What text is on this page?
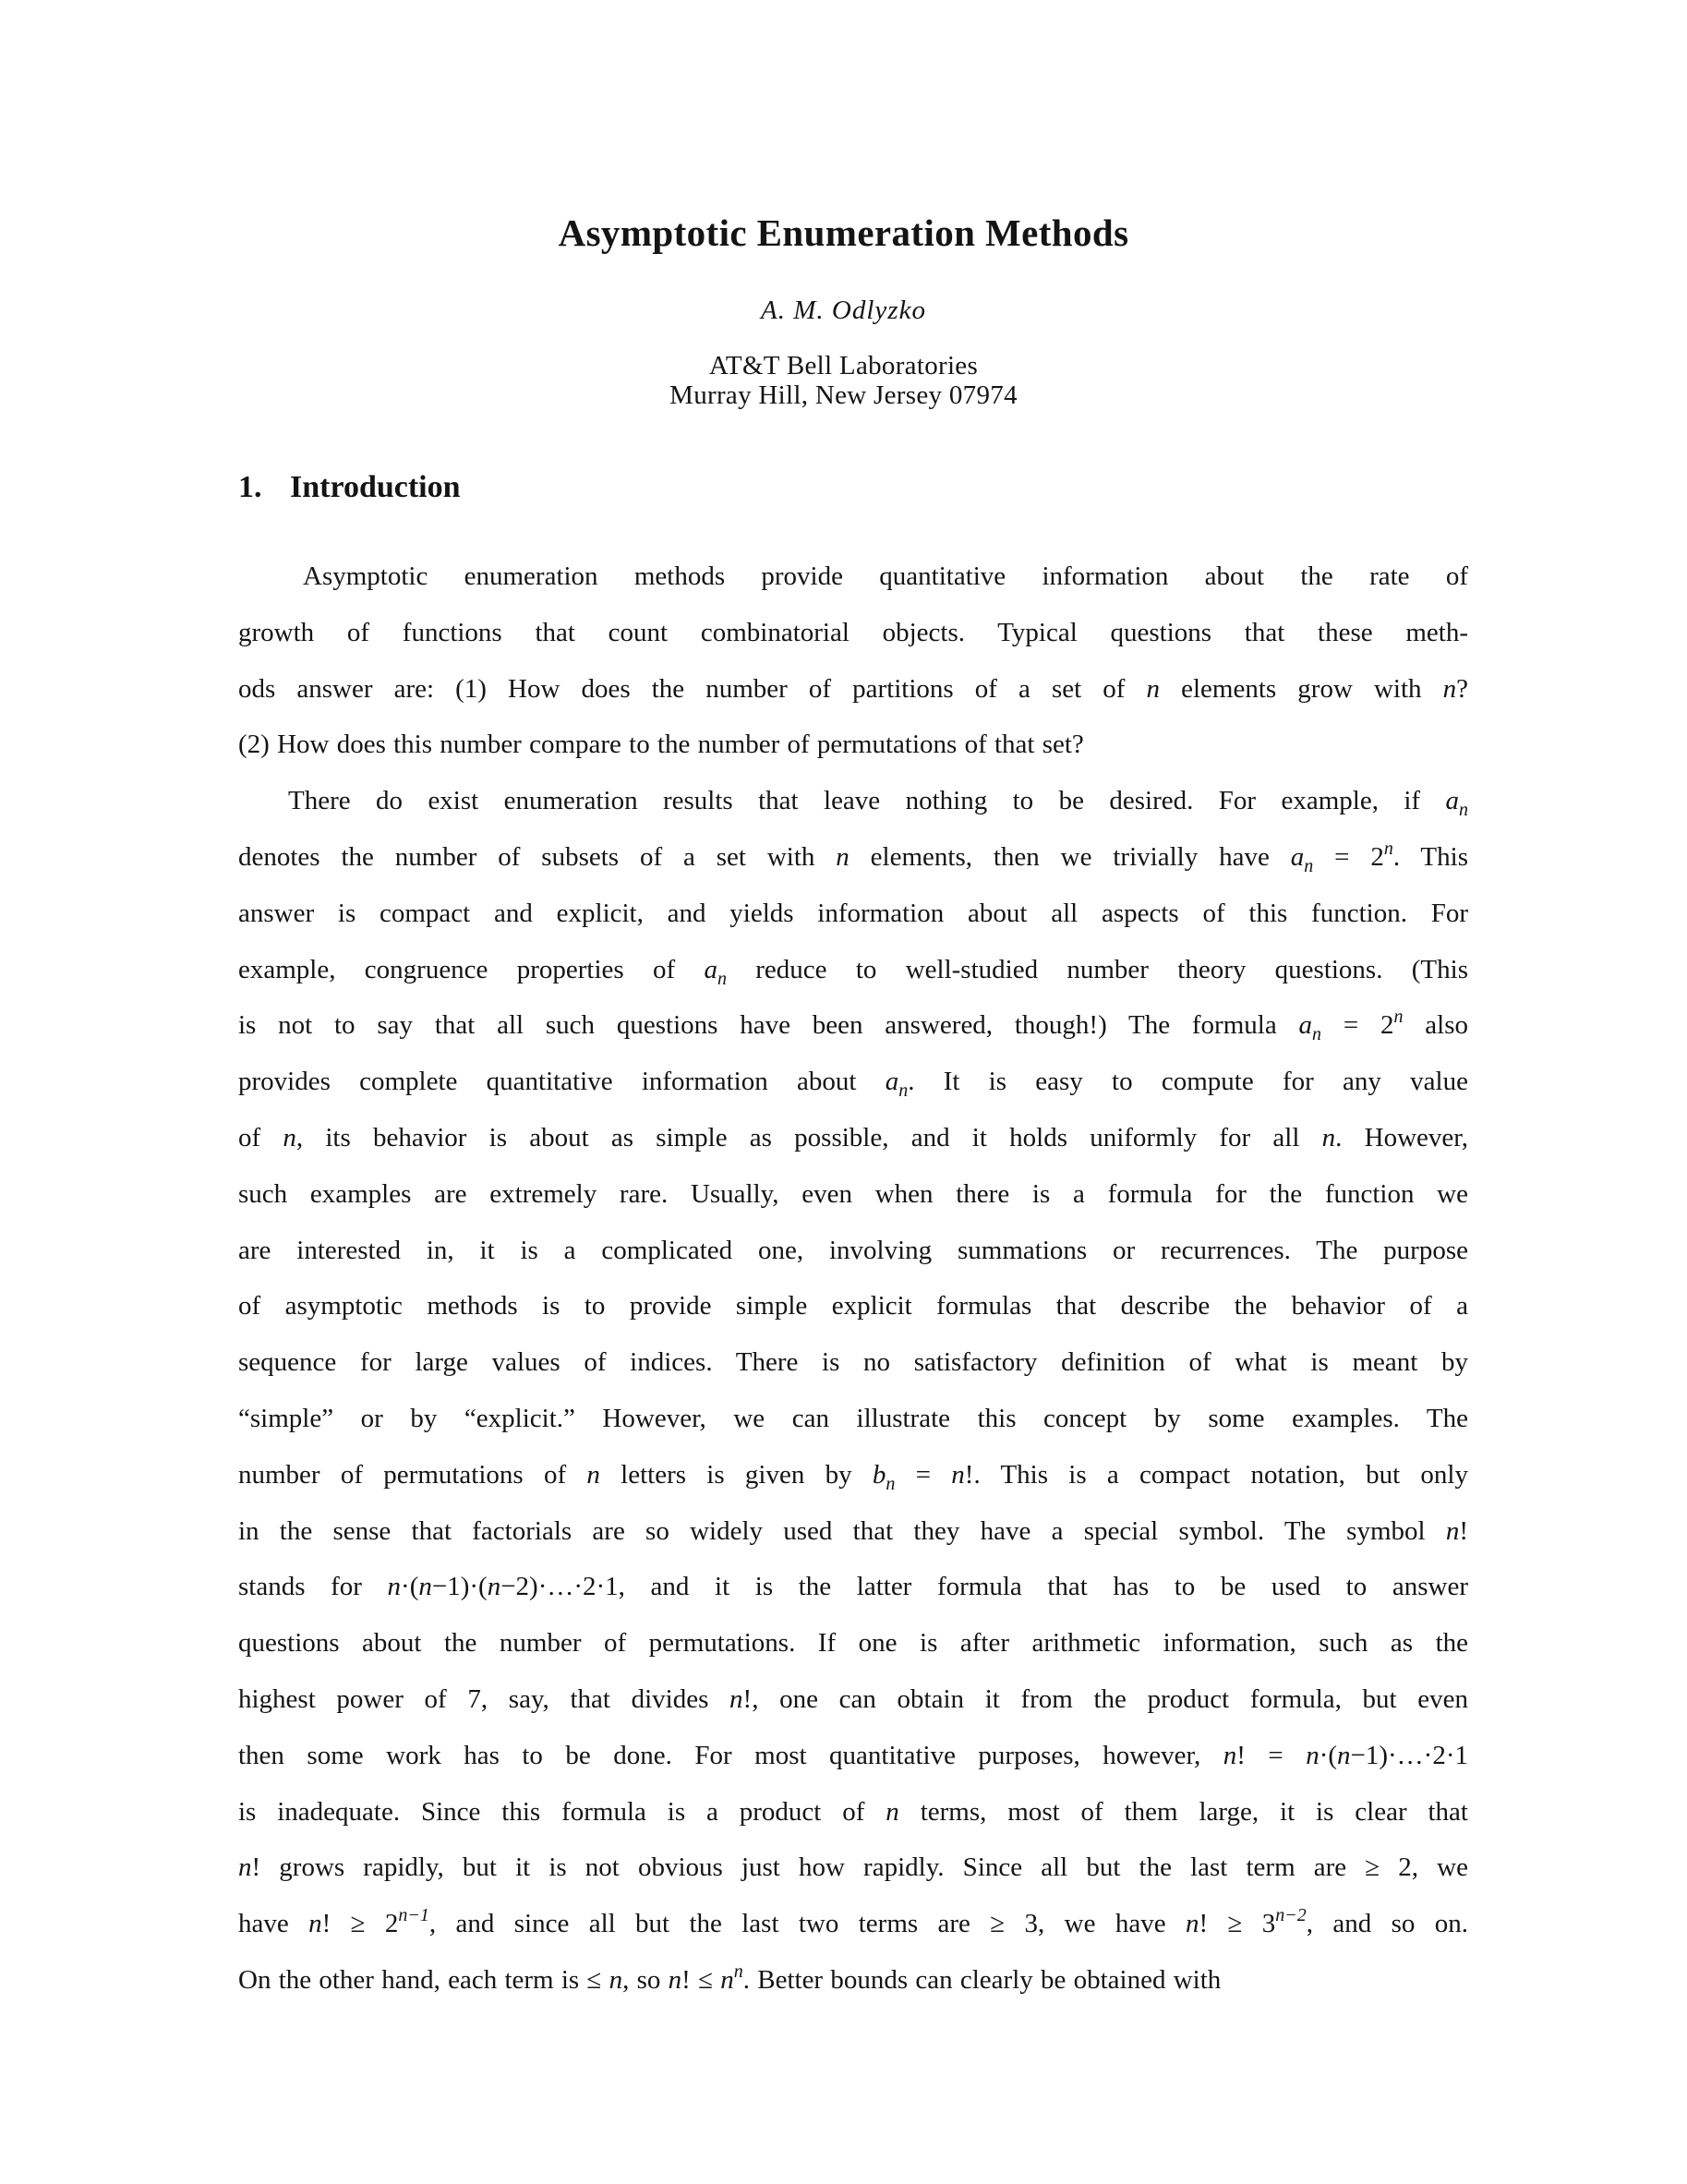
Asymptotic Enumeration Methods
A. M. Odlyzko
AT&T Bell Laboratories
Murray Hill, New Jersey 07974
1. Introduction
Asymptotic enumeration methods provide quantitative information about the rate of
growth of functions that count combinatorial objects. Typical questions that these meth-
ods answer are: (1) How does the number of partitions of a set of n elements grow with n?
(2) How does this number compare to the number of permutations of that set?
There do exist enumeration results that leave nothing to be desired. For example, if $a_n$
denotes the number of subsets of a set with n elements, then we trivially have $a_n = 2^n$. This
answer is compact and explicit, and yields information about all aspects of this function. For
example, congruence properties of $a_n$ reduce to well-studied number theory questions. (This
is not to say that all such questions have been answered, though!) The formula $a_n = 2^n$ also
provides complete quantitative information about $a_n$. It is easy to compute for any value
of n, its behavior is about as simple as possible, and it holds uniformly for all n. However,
such examples are extremely rare. Usually, even when there is a formula for the function we
are interested in, it is a complicated one, involving summations or recurrences. The purpose
of asymptotic methods is to provide simple explicit formulas that describe the behavior of a
sequence for large values of indices. There is no satisfactory definition of what is meant by
“simple” or by “explicit.” However, we can illustrate this concept by some examples. The
number of permutations of n letters is given by $b_n = n$!. This is a compact notation, but only
in the sense that factorials are so widely used that they have a special symbol. The symbol n!
stands for n·(n−1)·(n−2)·…·2·1, and it is the latter formula that has to be used to answer
questions about the number of permutations. If one is after arithmetic information, such as the
highest power of 7, say, that divides n!, one can obtain it from the product formula, but even
then some work has to be done. For most quantitative purposes, however, n! = n·(n−1)·…·2·1
is inadequate. Since this formula is a product of n terms, most of them large, it is clear that
n! grows rapidly, but it is not obvious just how rapidly. Since all but the last term are ≥ 2, we
have n! ≥ $2^{n-1}$, and since all but the last two terms are ≥ 3, we have n! ≥ $3^{n-2}$, and so on.
On the other hand, each term is ≤ n, so n! ≤ $n^n$. Better bounds can clearly be obtained with
